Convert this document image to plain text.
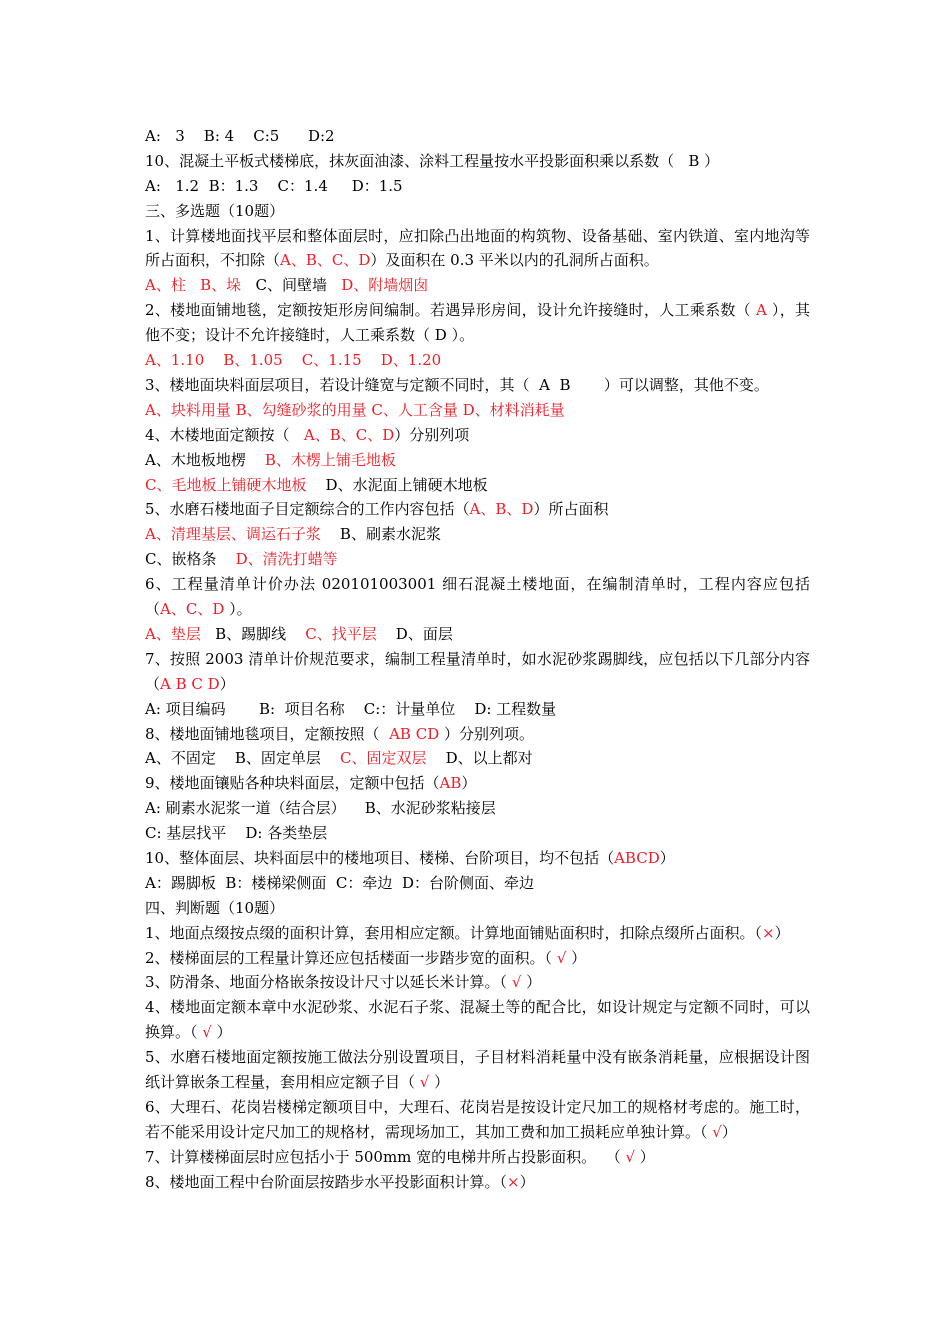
A:   3    B: 4    C:5      D:2
10、混凝土平板式楼梯底，抹灰面油漆、涂料工程量按水平投影面积乘以系数（   B ）
A:   1.2  B：1.3    C：1.4     D：1.5
三、多选题（10题）
1、计算楼地面找平层和整体面层时，应扣除凸出地面的构筑物、设备基础、室内铁道、室内地沟等所占面积，不扣除（A、B、C、D）及面积在 0.3 平米以内的孔洞所占面积。
A、柱   B、垛   C、间壁墙   D、附墙烟囱
2、楼地面铺地毯，定额按矩形房间编制。若遇异形房间，设计允许接缝时，人工乘系数（ A ），其他不变；设计不允许接缝时，人工乘系数（ D ）。
A、1.10    B、1.05    C、1.15    D、1.20
3、楼地面块料面层项目，若设计缝宽与定额不同时，其（  A  B       ）可以调整，其他不变。
A、块料用量 B、勾缝砂浆的用量 C、人工含量 D、材料消耗量
4、木楼地面定额按（   A、B、C、D）分别列项
A、木地板地楞    B、木楞上铺毛地板
C、毛地板上铺硬木地板    D、水泥面上铺硬木地板
5、水磨石楼地面子目定额综合的工作内容包括（A、B、D）所占面积
A、清理基层、调运石子浆    B、刷素水泥浆
C、嵌格条    D、清洗打蜡等
6、工程量清单计价办法 020101003001 细石混凝土楼地面，在编制清单时，工程内容应包括（A、C、D ）。
A、垫层   B、踢脚线    C、找平层    D、面层
7、按照 2003 清单计价规范要求，编制工程量清单时，如水泥砂浆踢脚线，应包括以下几部分内容（A B C D）
A: 项目编码       B:  项目名称    C:：计量单位    D: 工程数量
8、楼地面铺地毯项目，定额按照（  AB CD ）分别列项。
A、不固定    B、固定单层    C、固定双层    D、以上都对
9、楼地面镶贴各种块料面层，定额中包括（AB）
A: 刷素水泥浆一道（结合层）    B、水泥砂浆粘接层
C: 基层找平    D: 各类垫层
10、整体面层、块料面层中的楼地项目、楼梯、台阶项目，均不包括（ABCD）
A：踢脚板  B：楼梯梁侧面  C：牵边  D：台阶侧面、牵边
四、判断题（10题）
1、地面点缀按点缀的面积计算，套用相应定额。计算地面铺贴面积时，扣除点缀所占面积。（×）
2、楼梯面层的工程量计算还应包括楼面一步踏步宽的面积。（ √ ）
3、防滑条、地面分格嵌条按设计尺寸以延长米计算。（ √ ）
4、楼地面定额本章中水泥砂浆、水泥石子浆、混凝土等的配合比，如设计规定与定额不同时，可以换算。（ √ ）
5、水磨石楼地面定额按施工做法分别设置项目，子目材料消耗量中没有嵌条消耗量，应根据设计图纸计算嵌条工程量，套用相应定额子目（ √ ）
6、大理石、花岗岩楼梯定额项目中，大理石、花岗岩是按设计定尺加工的规格材考虑的。施工时，若不能采用设计定尺加工的规格材，需现场加工，其加工费和加工损耗应单独计算。（ √）
7、计算楼梯面层时应包括小于 500mm 宽的电梯井所占投影面积。  （ √ ）
8、楼地面工程中台阶面层按踏步水平投影面积计算。（×）
